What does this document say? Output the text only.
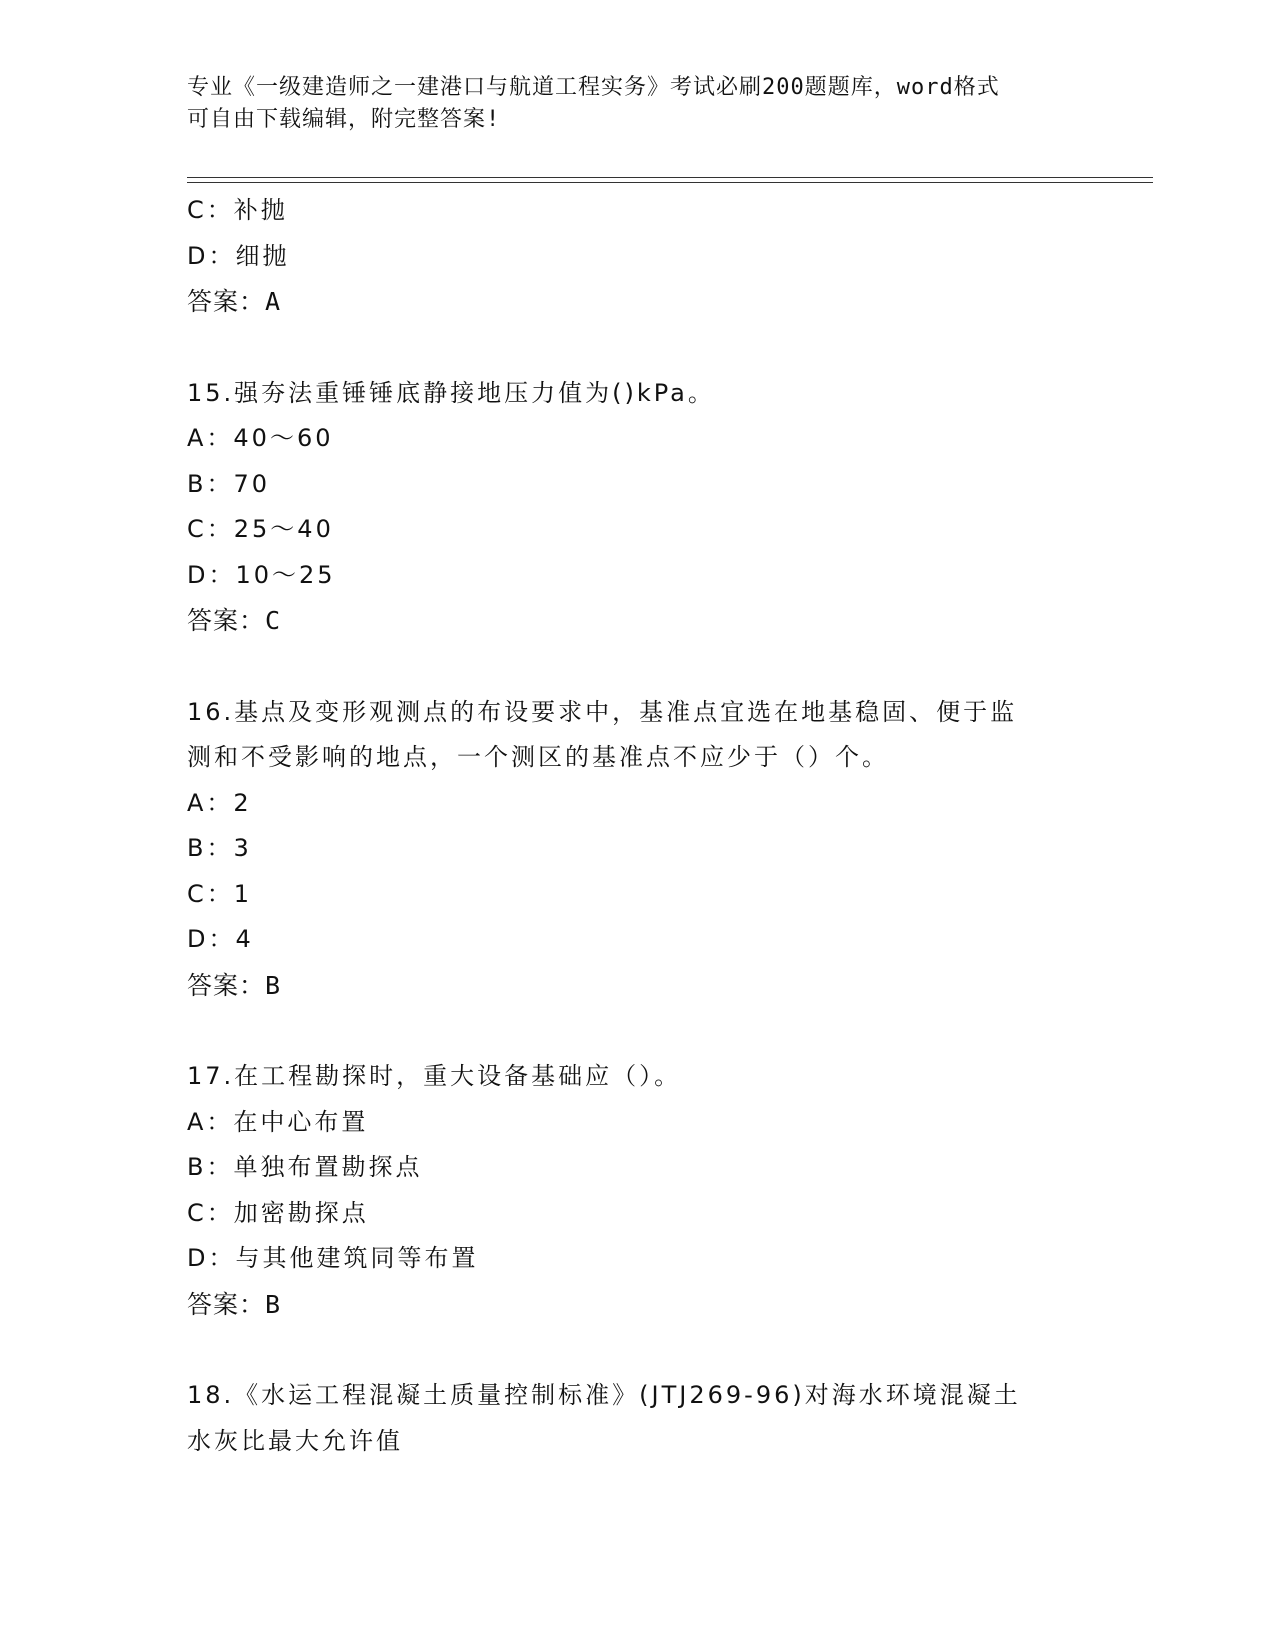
专业《一级建造师之一建港口与航道工程实务》考试必刷200题题库，word格式
可自由下载编辑，附完整答案!
C：补抛
D：细抛
答案：A
15.强夯法重锤锤底静接地压力值为()kPa。
A：40～60
B：70
C：25～40
D：10～25
答案：C
16.基点及变形观测点的布设要求中，基准点宜选在地基稳固、便于监
测和不受影响的地点，一个测区的基准点不应少于（）个。
A：2
B：3
C：1
D：4
答案：B
17.在工程勘探时，重大设备基础应（）。
A：在中心布置
B：单独布置勘探点
C：加密勘探点
D：与其他建筑同等布置
答案：B
18.《水运工程混凝土质量控制标准》(JTJ269-96)对海水环境混凝土
水灰比最大允许值
